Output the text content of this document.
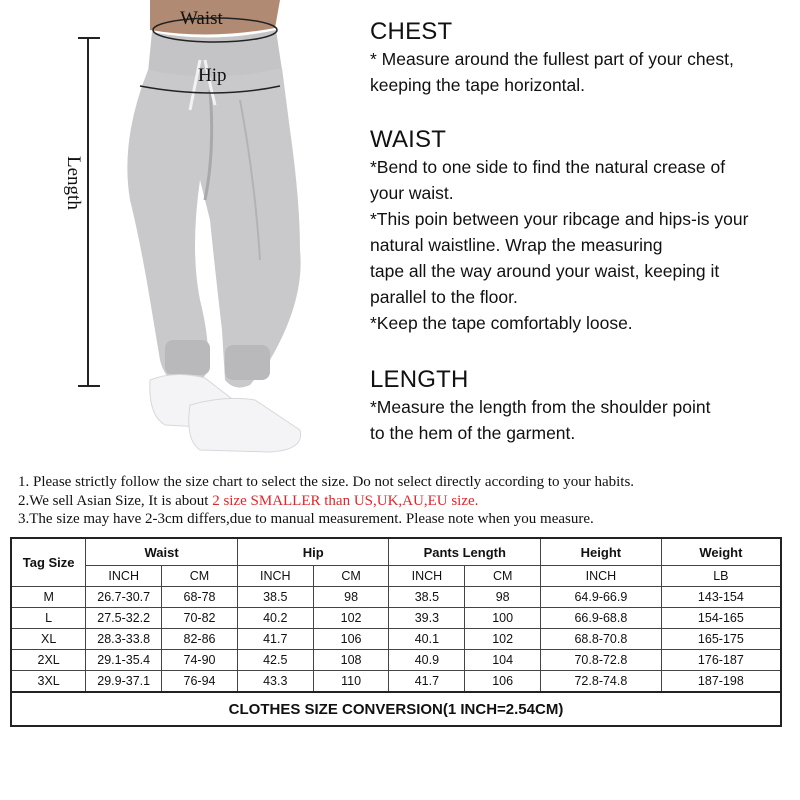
Waist
Hip
Length
CHEST

* Measure around the fullest part of your chest,

keeping the tape horizontal.

WAIST

*Bend to one side to find the natural crease of

your waist.

*This poin between your ribcage and hips-is your

natural waistline. Wrap the measuring

tape all the way around your waist, keeping it

parallel to the floor.

*Keep the tape comfortably loose.

LENGTH

*Measure the length from the shoulder point

to the hem of the garment.

1. Please strictly follow the size chart to select the size. Do not select directly according to your habits.
2.We sell Asian Size, It is about 2 size SMALLER than US,UK,AU,EU size.
3.The size may have 2-3cm differs,due to manual measurement. Please note when you measure.
Tag Size	Waist		Hip		Pants Length		Height	Weight
	INCH	CM	INCH	CM	INCH	CM	INCH	LB
M	26.7-30.7	68-78	38.5	98	38.5	98	64.9-66.9	143-154
L	27.5-32.2	70-82	40.2	102	39.3	100	66.9-68.8	154-165
XL	28.3-33.8	82-86	41.7	106	40.1	102	68.8-70.8	165-175
2XL	29.1-35.4	74-90	42.5	108	40.9	104	70.8-72.8	176-187
3XL	29.9-37.1	76-94	43.3	110	41.7	106	72.8-74.8	187-198
CLOTHES SIZE CONVERSION(1 INCH=2.54CM)								
